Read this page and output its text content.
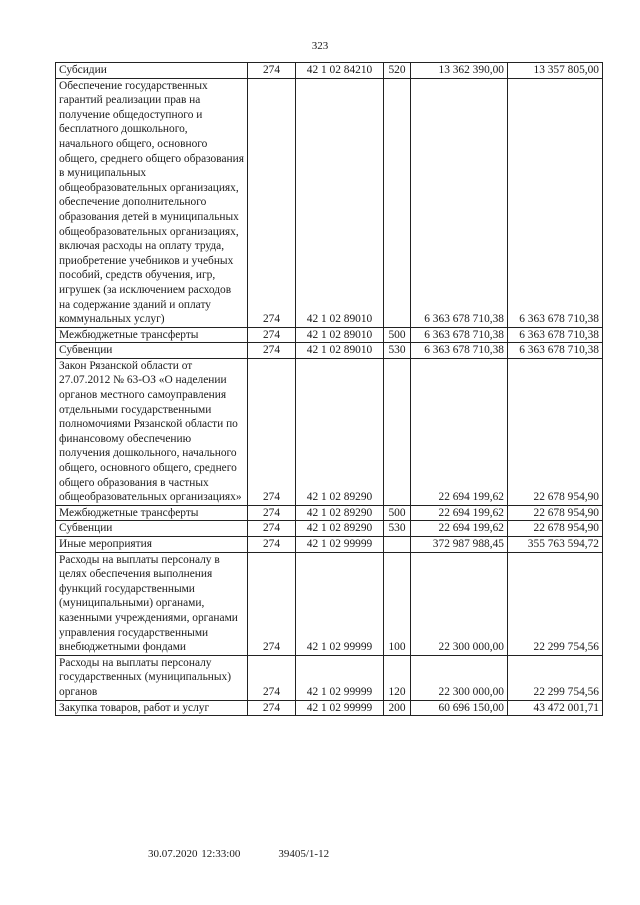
323
Субсидии	274	42 1 02 84210	520	13 362 390,00	13 357 805,00
Обеспечение государственных гарантий реализации прав на получение общедоступного и бесплатного дошкольного, начального общего, основного общего, среднего общего образования в муниципальных общеобразовательных организациях, обеспечение дополнительного образования детей в муниципальных общеобразовательных организациях, включая расходы на оплату труда, приобретение учебников и учебных пособий, средств обучения, игр, игрушек (за исключением расходов на содержание зданий и оплату коммунальных услуг)	274	42 1 02 89010		6 363 678 710,38	6 363 678 710,38
Межбюджетные трансферты	274	42 1 02 89010	500	6 363 678 710,38	6 363 678 710,38
Субвенции	274	42 1 02 89010	530	6 363 678 710,38	6 363 678 710,38
Закон Рязанской области от 27.07.2012 № 63-ОЗ «О наделении органов местного самоуправления отдельными государственными полномочиями Рязанской области по финансовому обеспечению получения дошкольного, начального общего, основного общего, среднего общего образования в частных общеобразовательных организациях»	274	42 1 02 89290		22 694 199,62	22 678 954,90
Межбюджетные трансферты	274	42 1 02 89290	500	22 694 199,62	22 678 954,90
Субвенции	274	42 1 02 89290	530	22 694 199,62	22 678 954,90
Иные мероприятия	274	42 1 02 99999		372 987 988,45	355 763 594,72
Расходы на выплаты персоналу в целях обеспечения выполнения функций государственными (муниципальными) органами, казенными учреждениями, органами управления государственными внебюджетными фондами	274	42 1 02 99999	100	22 300 000,00	22 299 754,56
Расходы на выплаты персоналу государственных (муниципальных) органов	274	42 1 02 99999	120	22 300 000,00	22 299 754,56
Закупка товаров, работ и услуг	274	42 1 02 99999	200	60 696 150,00	43 472 001,71
30.07.2020 12:33:00	39405/1-12
